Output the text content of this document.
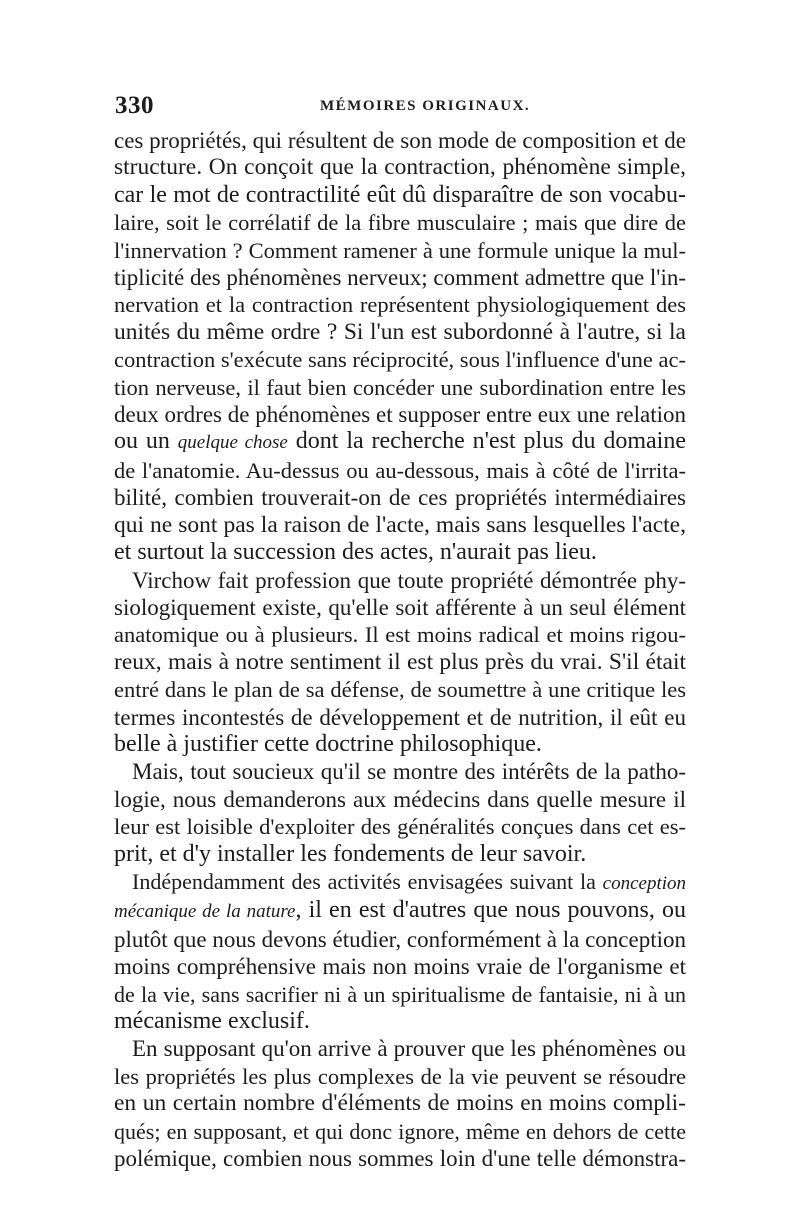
330	MÉMOIRES ORIGINAUX.

ces propriétés, qui résultent de son mode de composition et de

structure. On conçoit que la contraction, phénomène simple,

car le mot de contractilité eût dû disparaître de son vocabu-

laire, soit le corrélatif de la fibre musculaire ; mais que dire de

l'innervation ? Comment ramener à une formule unique la mul-

tiplicité des phénomènes nerveux; comment admettre que l'in-

nervation et la contraction représentent physiologiquement des

unités du même ordre ? Si l'un est subordonné à l'autre, si la

contraction s'exécute sans réciprocité, sous l'influence d'une ac-

tion nerveuse, il faut bien concéder une subordination entre les

deux ordres de phénomènes et supposer entre eux une relation

ou un quelque chose dont la recherche n'est plus du domaine

de l'anatomie. Au-dessus ou au-dessous, mais à côté de l'irrita-

bilité, combien trouverait-on de ces propriétés intermédiaires

qui ne sont pas la raison de l'acte, mais sans lesquelles l'acte,

et surtout la succession des actes, n'aurait pas lieu.

Virchow fait profession que toute propriété démontrée phy-

siologiquement existe, qu'elle soit afférente à un seul élément

anatomique ou à plusieurs. Il est moins radical et moins rigou-

reux, mais à notre sentiment il est plus près du vrai. S'il était

entré dans le plan de sa défense, de soumettre à une critique les

termes incontestés de développement et de nutrition, il eût eu

belle à justifier cette doctrine philosophique.

Mais, tout soucieux qu'il se montre des intérêts de la patho-

logie, nous demanderons aux médecins dans quelle mesure il

leur est loisible d'exploiter des généralités conçues dans cet es-

prit, et d'y installer les fondements de leur savoir.

Indépendamment des activités envisagées suivant la conception

mécanique de la nature, il en est d'autres que nous pouvons, ou

plutôt que nous devons étudier, conformément à la conception

moins compréhensive mais non moins vraie de l'organisme et

de la vie, sans sacrifier ni à un spiritualisme de fantaisie, ni à un

mécanisme exclusif.

En supposant qu'on arrive à prouver que les phénomènes ou

les propriétés les plus complexes de la vie peuvent se résoudre

en un certain nombre d'éléments de moins en moins compli-

qués; en supposant, et qui donc ignore, même en dehors de cette

polémique, combien nous sommes loin d'une telle démonstra-
